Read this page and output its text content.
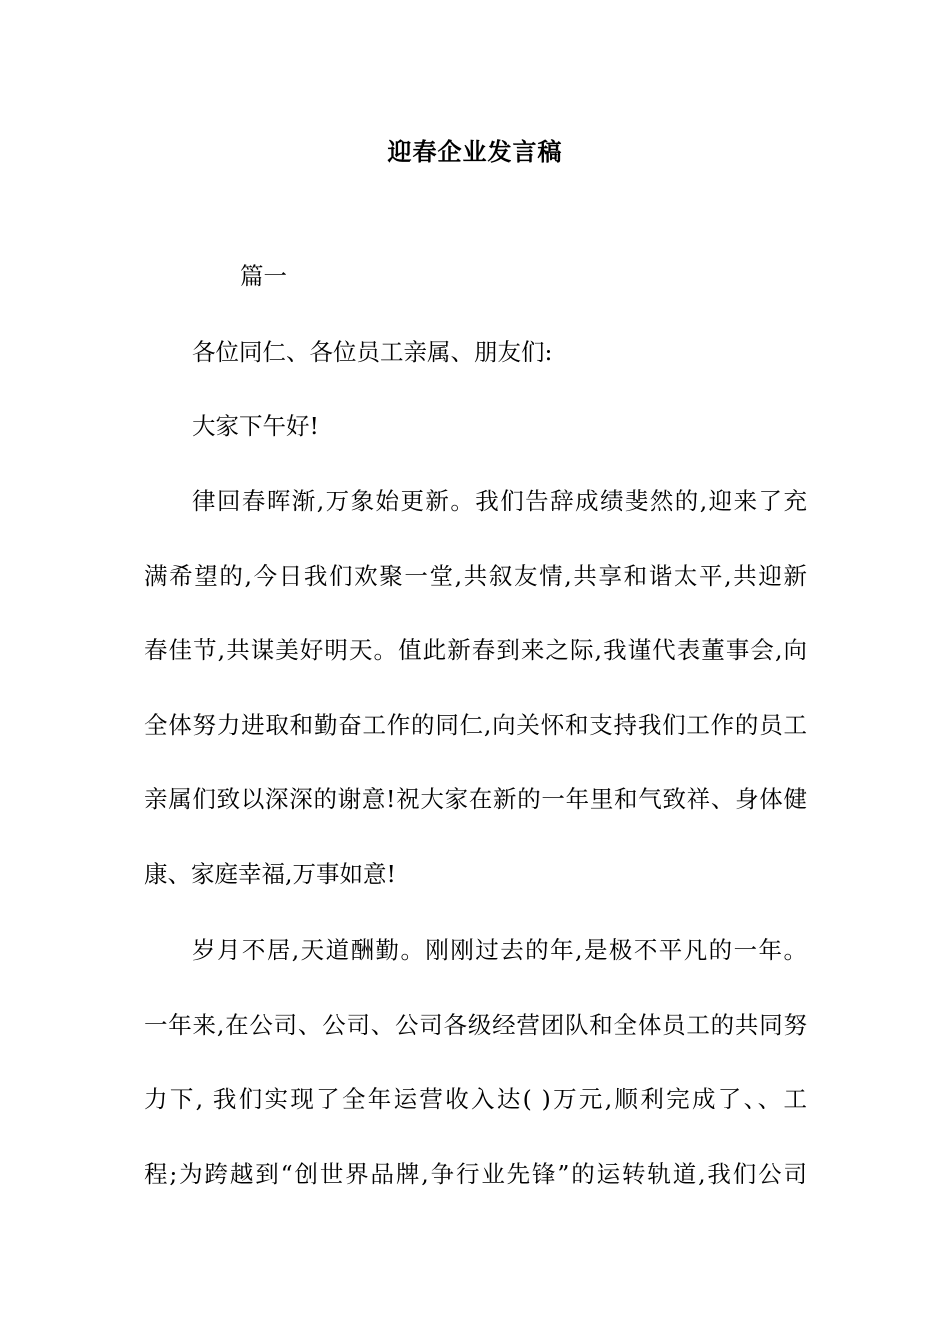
迎春企业发言稿

篇一

各位同仁、各位员工亲属、朋友们:

大家下午好!

律回春晖渐,万象始更新。我们告辞成绩斐然的,迎来了充
满希望的,今日我们欢聚一堂,共叙友情,共享和谐太平,共迎新
春佳节,共谋美好明天。值此新春到来之际,我谨代表董事会,向
全体努力进取和勤奋工作的同仁,向关怀和支持我们工作的员工
亲属们致以深深的谢意!祝大家在新的一年里和气致祥、身体健
康、家庭幸福,万事如意!
岁月不居,天道酬勤。刚刚过去的年,是极不平凡的一年。
一年来,在公司、公司、公司各级经营团队和全体员工的共同努
力下, 我们实现了全年运营收入达( )万元,顺利完成了、、工
程;为跨越到“创世界品牌,争行业先锋”的运转轨道,我们公司
